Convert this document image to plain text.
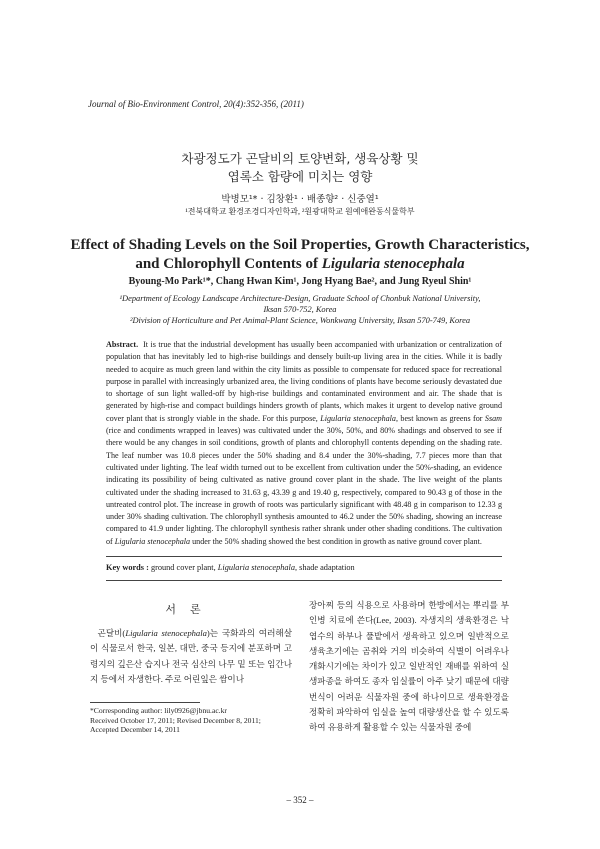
Journal of Bio-Environment Control, 20(4):352-356, (2011)
차광정도가 곤달비의 토양변화, 생육상황 및
엽록소 함량에 미치는 영향
박병모¹* · 김창환¹ · 배종향² · 신중열¹
¹전북대학교 환경조경디자인학과, ²원광대학교 원예애완동식물학부
Effect of Shading Levels on the Soil Properties, Growth Characteristics,
and Chlorophyll Contents of Ligularia stenocephala
Byoung-Mo Park¹*, Chang Hwan Kim¹, Jong Hyang Bae², and Jung Ryeul Shin¹
¹Department of Ecology Landscape Architecture-Design, Graduate School of Chonbuk National University,
Iksan 570-752, Korea
²Division of Horticulture and Pet Animal-Plant Science, Wonkwang University, Iksan 570-749, Korea
Abstract. It is true that the industrial development has usually been accompanied with urbanization or centralization of population that has inevitably led to high-rise buildings and densely built-up living area in the cities. While it is badly needed to acquire as much green land within the city limits as possible to compensate for reduced space for recreational purpose in parallel with increasingly urbanized area, the living conditions of plants have become seriously devastated due to shortage of sun light walled-off by high-rise buildings and contaminated environment and air. The shade that is generated by high-rise and compact buildings hinders growth of plants, which makes it urgent to develop native ground cover plant that is strongly viable in the shade. For this purpose, Ligularia stenocephala, best known as greens for Ssam (rice and condiments wrapped in leaves) was cultivated under the 30%, 50%, and 80% shadings and observed to see if there would be any changes in soil conditions, growth of plants and chlorophyll contents depending on the shading rate. The leaf number was 10.8 pieces under the 50% shading and 8.4 under the 30%-shading, 7.7 pieces more than that cultivated under lighting. The leaf width turned out to be excellent from cultivation under the 50%-shading, an evidence indicating its possibility of being cultivated as native ground cover plant in the shade. The live weight of the plants cultivated under the shading increased to 31.63 g, 43.39 g and 19.40 g, respectively, compared to 90.43 g of those in the untreated control plot. The increase in growth of roots was particularly significant with 48.48 g in comparison to 12.33 g under 30% shading cultivation. The chlorophyll synthesis amounted to 46.2 under the 50% shading, showing an increase compared to 41.9 under lighting. The chlorophyll synthesis rather shrank under other shading conditions. The cultivation of Ligularia stenocephala under the 50% shading showed the best condition in growth as native ground cover plant.
Key words : ground cover plant, Ligularia stenocephala, shade adaptation
서론
곤달비(Ligularia stenocephala)는 국화과의 여러해살이 식물로서 한국, 일본, 대만, 중국 등지에 분포하며 고령지의 깊은산 습지나 전국 심산의 나무 밑 또는 임간나지 등에서 자생한다. 주로 어린잎은 쌈이나
장아찌 등의 식용으로 사용하며 한방에서는 뿌리를 부인병 치료에 쓴다(Lee, 2003). 자생지의 생육환경은 낙엽수의 하부나 풀밭에서 생육하고 있으며 일반적으로 생육초기에는 곰취와 거의 비슷하여 식별이 어려우나 개화시기에는 차이가 있고 일반적인 재배를 위하여 실생파종을 하여도 종자 임실률이 아주 낮기 때문에 대량번식이 어려운 식물자원 중에 하나이므로 생육환경을 정확히 파악하여 임실을 높여 대량생산을 할 수 있도록 하여 유용하게 활용할 수 있는 식물자원 중에
*Corresponding author: lily0926@jbnu.ac.kr
Received October 17, 2011; Revised December 8, 2011;
Accepted December 14, 2011
– 352 –
